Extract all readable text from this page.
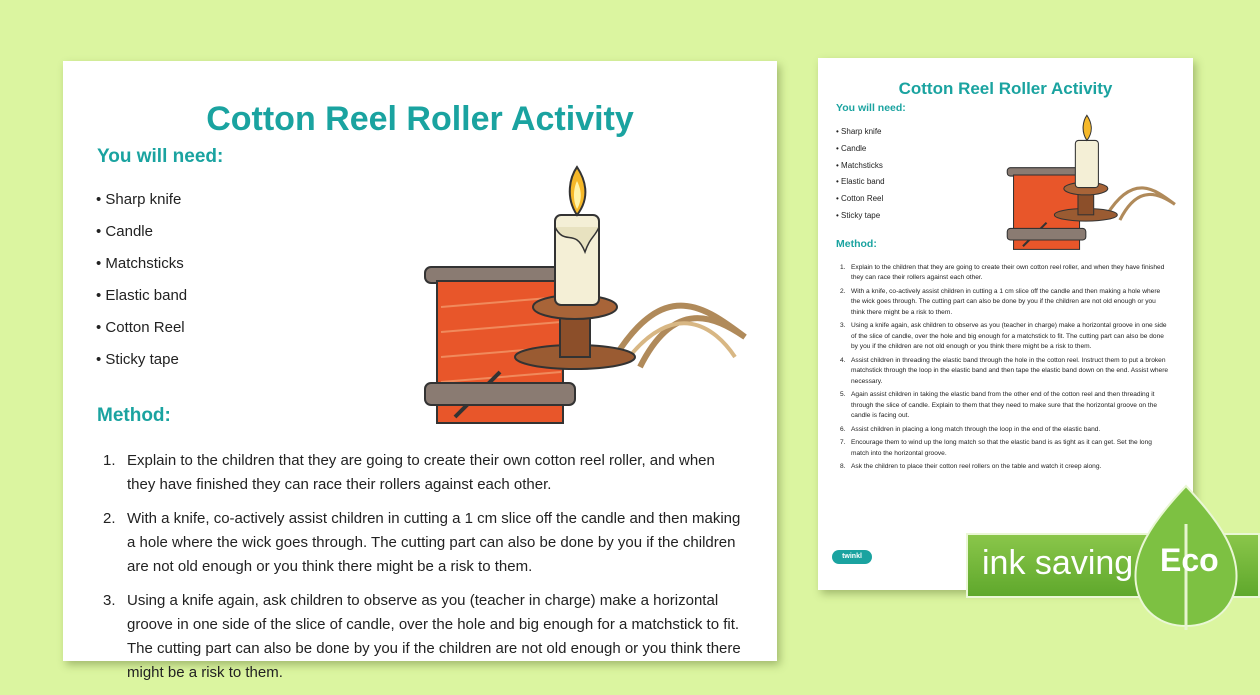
Cotton Reel Roller Activity
You will need:
• Sharp knife
• Candle
• Matchsticks
• Elastic band
• Cotton Reel
• Sticky tape
Method:
1. Explain to the children that they are going to create their own cotton reel roller, and when they have finished they can race their rollers against each other.
2. With a knife, co-actively assist children in cutting a 1 cm slice off the candle and then making a hole where the wick goes through. The cutting part can also be done by you if the children are not old enough or you think there might be a risk to them.
3. Using a knife again, ask children to observe as you (teacher in charge) make a horizontal groove in one side of the slice of candle, over the hole and big enough for a matchstick to fit. The cutting part can also be done by you if the children are not old enough or you think there might be a risk to them.
Cotton Reel Roller Activity
You will need:
• Sharp knife
• Candle
• Matchsticks
• Elastic band
• Cotton Reel
• Sticky tape
Method:
1. Explain to the children that they are going to create their own cotton reel roller, and when they have finished they can race their rollers against each other.
2. With a knife, co-actively assist children in cutting a 1 cm slice off the candle and then making a hole where the wick goes through. The cutting part can also be done by you if the children are not old enough or you think there might be a risk to them.
3. Using a knife again, ask children to observe as you (teacher in charge) make a horizontal groove in one side of the slice of candle, over the hole and big enough for a matchstick to fit. The cutting part can also be done by you if the children are not old enough or you think there might be a risk to them.
4. Assist children in threading the elastic band through the hole in the cotton reel. Instruct them to put a broken matchstick through the loop in the elastic band and then tape the elastic band down on the end. Assist where necessary.
5. Again assist children in taking the elastic band from the other end of the cotton reel and then threading it through the slice of candle. Explain to them that they need to make sure that the horizontal groove on the candle is facing out.
6. Assist children in placing a long match through the loop in the end of the elastic band.
7. Encourage them to wind up the long match so that the elastic band is as tight as it can get. Set the long match into the horizontal groove.
8. Ask the children to place their cotton reel rollers on the table and watch it creep along.
twinkl	ink saving Eco
